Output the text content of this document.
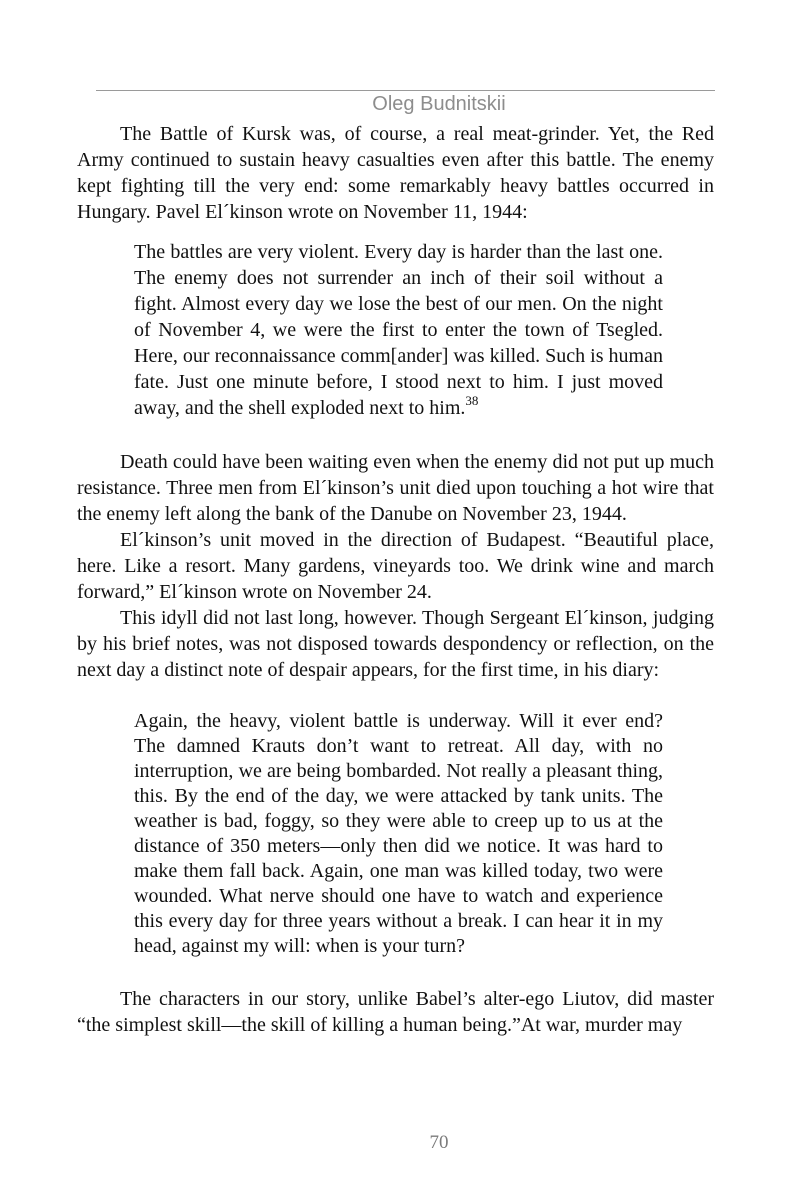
Oleg Budnitskii

The Battle of Kursk was, of course, a real meat-grinder. Yet, the Red Army continued to sustain heavy casualties even after this battle. The enemy kept fighting till the very end: some remarkably heavy battles occurred in Hungary. Pavel El´kinson wrote on November 11, 1944:

The battles are very violent. Every day is harder than the last one. The enemy does not surrender an inch of their soil without a fight. Almost every day we lose the best of our men. On the night of November 4, we were the first to enter the town of Tsegled. Here, our reconnaissance comm[ander] was killed. Such is human fate. Just one minute before, I stood next to him. I just moved away, and the shell exploded next to him.$^{38}$

Death could have been waiting even when the enemy did not put up much resistance. Three men from El´kinson’s unit died upon touching a hot wire that the enemy left along the bank of the Danube on November 23, 1944.

El´kinson’s unit moved in the direction of Budapest. “Beautiful place, here. Like a resort. Many gardens, vineyards too. We drink wine and march forward,” El´kinson wrote on November 24.

This idyll did not last long, however. Though Sergeant El´kinson, judging by his brief notes, was not disposed towards despondency or reflection, on the next day a distinct note of despair appears, for the first time, in his diary:

Again, the heavy, violent battle is underway. Will it ever end? The damned Krauts don’t want to retreat. All day, with no interruption, we are being bombarded. Not really a pleasant thing, this. By the end of the day, we were attacked by tank units. The weather is bad, foggy, so they were able to creep up to us at the distance of 350 meters—only then did we notice. It was hard to make them fall back. Again, one man was killed today, two were wounded. What nerve should one have to watch and experience this every day for three years without a break. I can hear it in my head, against my will: when is your turn?

The characters in our story, unlike Babel’s alter-ego Liutov, did master “the simplest skill—the skill of killing a human being.”At war, murder may

70
